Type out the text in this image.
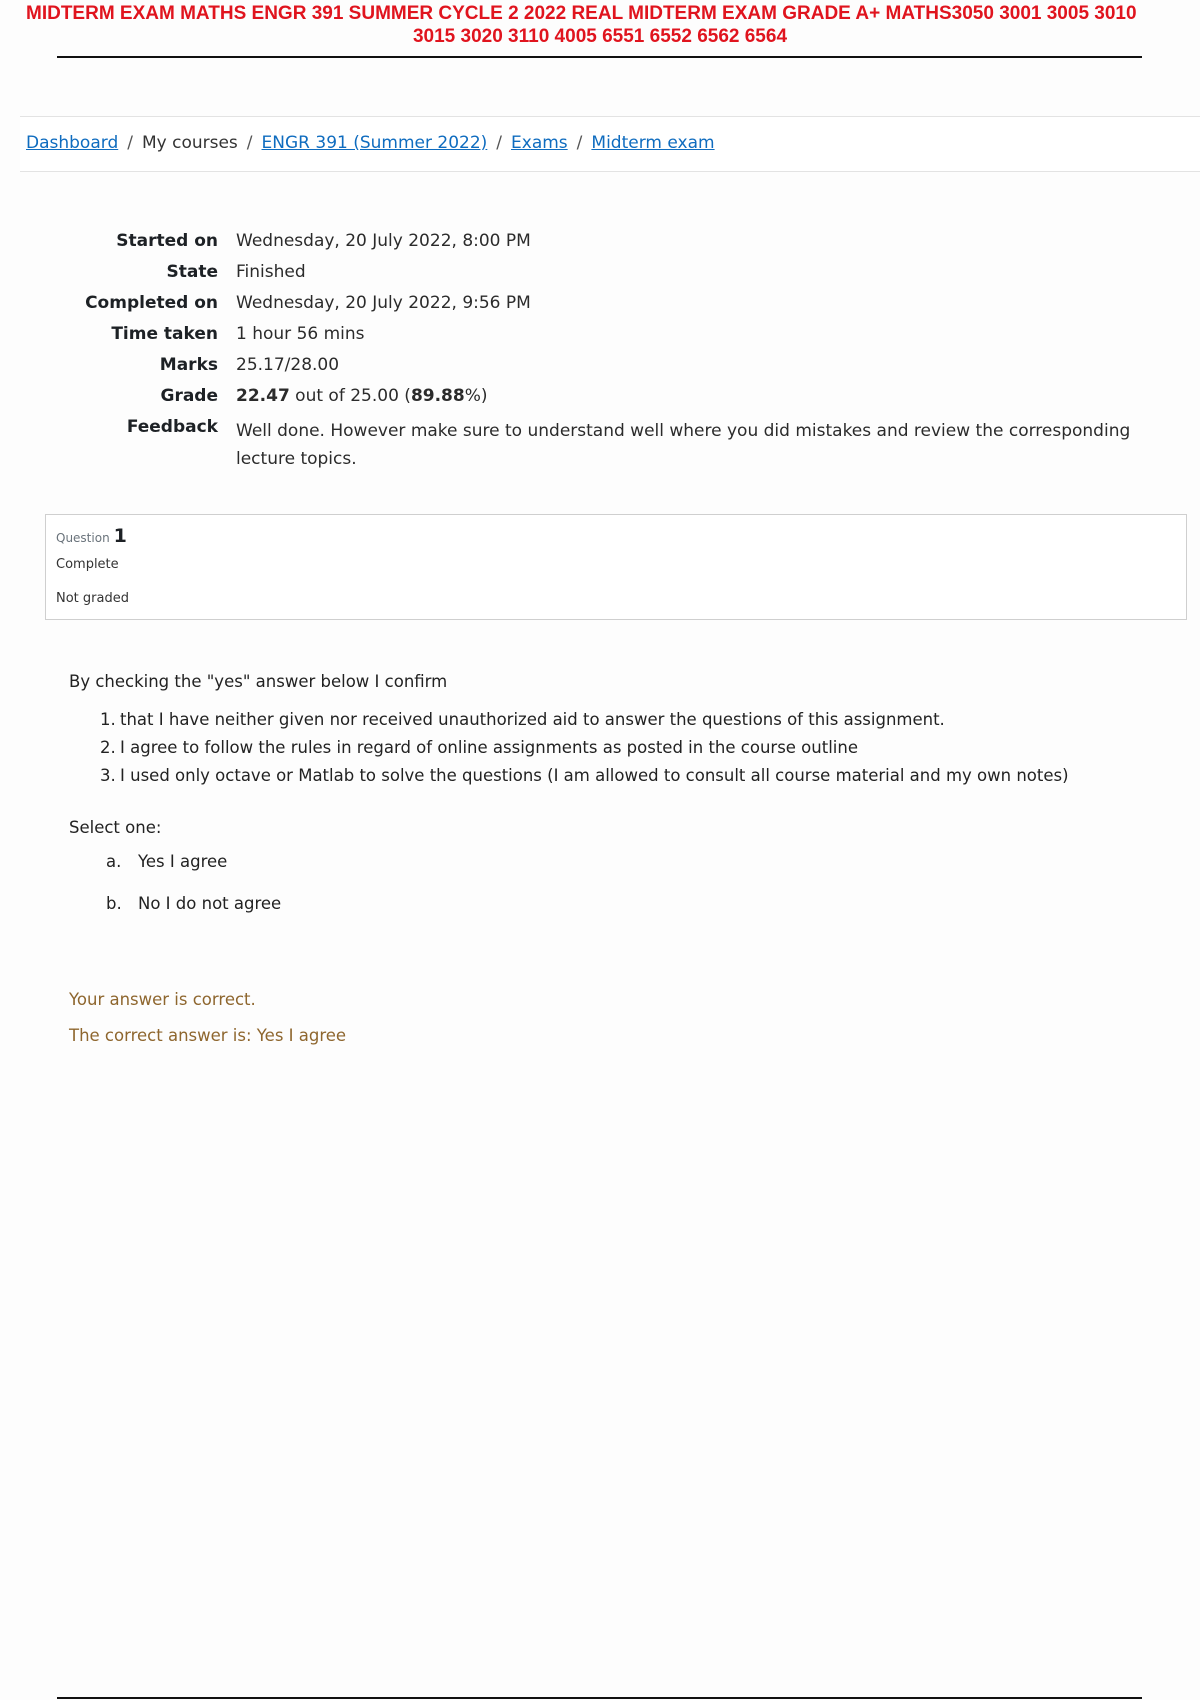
MIDTERM EXAM MATHS ENGR 391 SUMMER CYCLE 2 2022 REAL MIDTERM EXAM GRADE A+ MATHS3050 3001 3005 3010
3015 3020 3110 4005 6551 6552 6562 6564
Dashboard / My courses / ENGR 391 (Summer 2022) / Exams / Midterm exam
Started on	Wednesday, 20 July 2022, 8:00 PM
State	Finished
Completed on	Wednesday, 20 July 2022, 9:56 PM
Time taken	1 hour 56 mins
Marks	25.17/28.00
Grade	22.47 out of 25.00 (89.88%)
Feedback	Well done. However make sure to understand well where you did mistakes and review the corresponding lecture topics.
Question 1
Complete
Not graded
By checking the "yes" answer below I confirm
1. that I have neither given nor received unauthorized aid to answer the questions of this assignment.
2. I agree to follow the rules in regard of online assignments as posted in the course outline
3. I used only octave or Matlab to solve the questions (I am allowed to consult all course material and my own notes)
Select one:
a. Yes I agree
b. No I do not agree
Your answer is correct.
The correct answer is: Yes I agree
